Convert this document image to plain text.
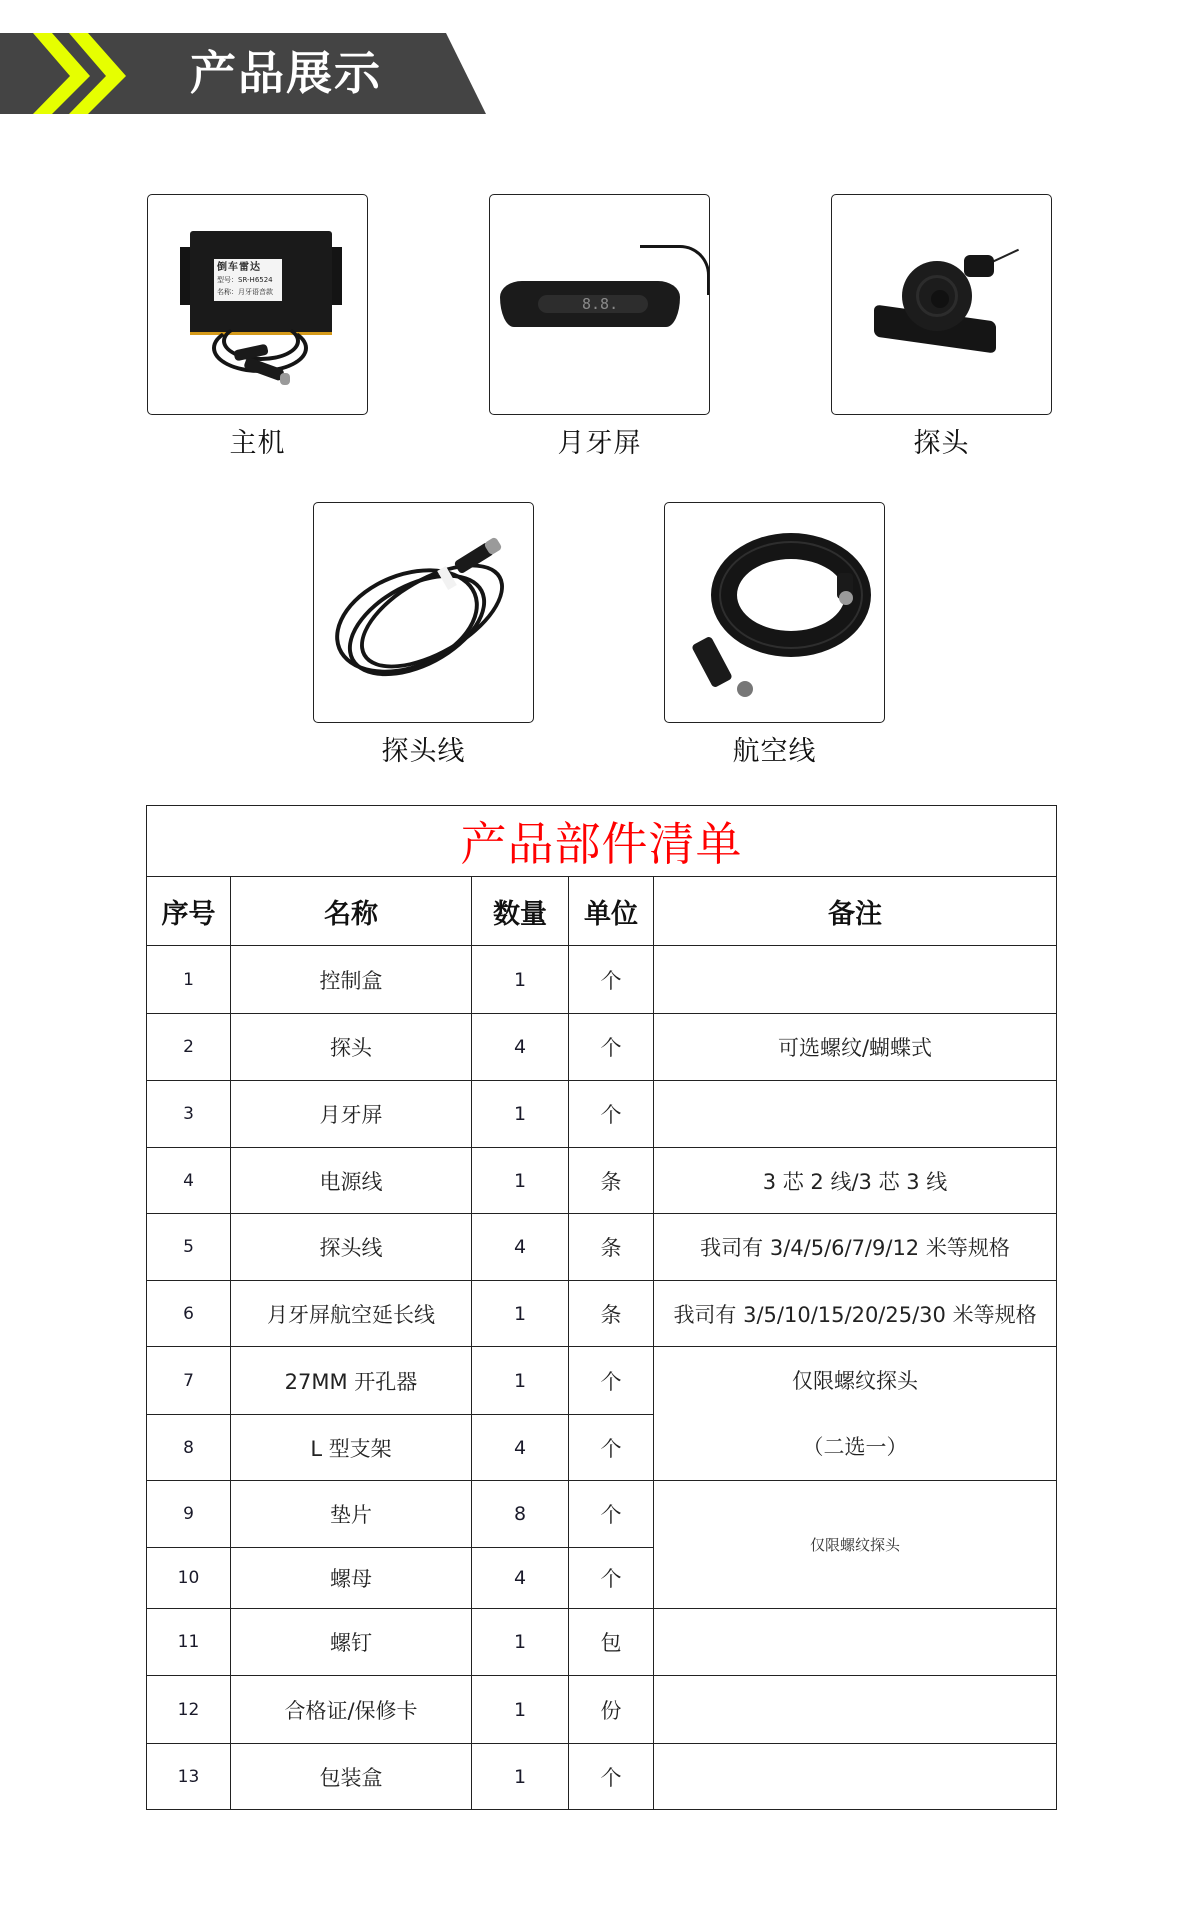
产品展示
倒车雷达
型号：SR-H6524
名称：月牙语音款
主机
8.8.
月牙屏	探头
探头线	航空线
产品部件清单				
序号	名称	数量	单位	备注
1	控制盒	1	个	
2	探头	4	个	可选螺纹/蝴蝶式
3	月牙屏	1	个	
4	电源线	1	条	3 芯 2 线/3 芯 3 线
5	探头线	4	条	我司有 3/4/5/6/7/9/12 米等规格
6	月牙屏航空延长线	1	条	我司有 3/5/10/15/20/25/30 米等规格
7	27MM 开孔器	1	个	仅限螺纹探头
（二选一）

8	L 型支架	4	个	
9	垫片	8	个	仅限螺纹探头
10	螺母	4	个	
11	螺钉	1	包	
12	合格证/保修卡	1	份	
13	包装盒	1	个	
